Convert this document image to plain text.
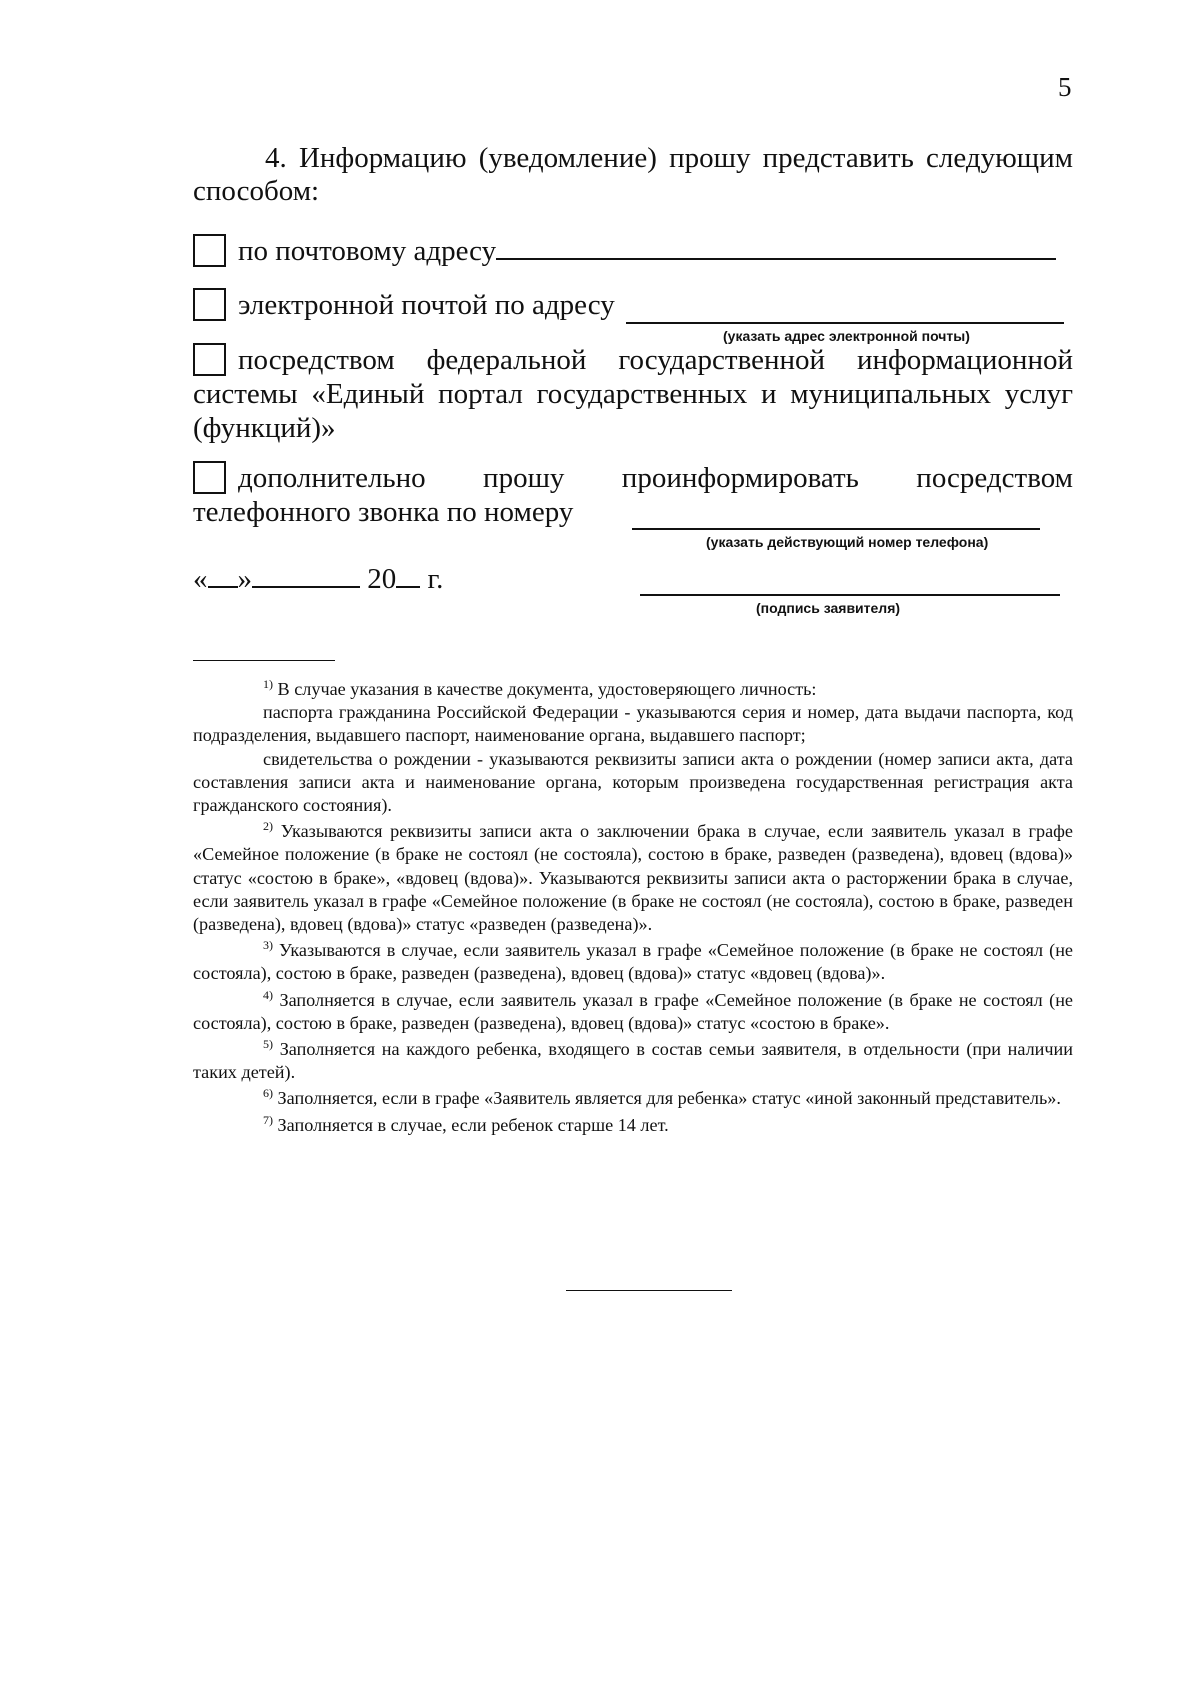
5

4. Информацию (уведомление) прошу представить следующим способом:

по почтовому адресу
электронной почтой по адресу
(указать адрес электронной почты)

посредством федеральной государственной информационной системы «Единый портал государственных и муниципальных услуг (функций)»

дополнительно прошу проинформировать посредством телефонного звонка по номеру

(указать действующий номер телефона)
« »	20 г.
(подпись заявителя)

$^{1)}$ В случае указания в качестве документа, удостоверяющего личность:

паспорта гражданина Российской Федерации - указываются серия и номер, дата выдачи паспорта, код подразделения, выдавшего паспорт, наименование органа, выдавшего паспорт;

свидетельства о рождении - указываются реквизиты записи акта о рождении (номер записи акта, дата составления записи акта и наименование органа, которым произведена государственная регистрация акта гражданского состояния).

$^{2)}$ Указываются реквизиты записи акта о заключении брака в случае, если заявитель указал в графе «Семейное положение (в браке не состоял (не состояла), состою в браке, разведен (разведена), вдовец (вдова)» статус «состою в браке», «вдовец (вдова)». Указываются реквизиты записи акта о расторжении брака в случае, если заявитель указал в графе «Семейное положение (в браке не состоял (не состояла), состою в браке, разведен (разведена), вдовец (вдова)» статус «разведен (разведена)».

$^{3)}$ Указываются в случае, если заявитель указал в графе «Семейное положение (в браке не состоял (не состояла), состою в браке, разведен (разведена), вдовец (вдова)» статус «вдовец (вдова)».

$^{4)}$ Заполняется в случае, если заявитель указал в графе «Семейное положение (в браке не состоял (не состояла), состою в браке, разведен (разведена), вдовец (вдова)» статус «состою в браке».

$^{5)}$ Заполняется на каждого ребенка, входящего в состав семьи заявителя, в отдельности (при наличии таких детей).

$^{6)}$ Заполняется, если в графе «Заявитель является для ребенка» статус «иной законный представитель».

$^{7)}$ Заполняется в случае, если ребенок старше 14 лет.
